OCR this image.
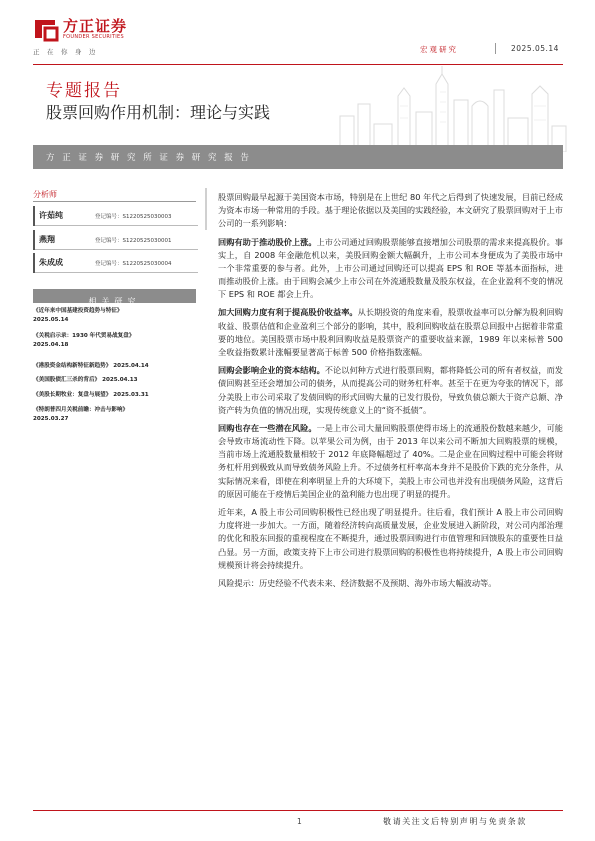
方正证券
FOUNDER SECURITIES
正在你身边	宏观研究	2025.05.14
专题报告
股票回购作用机制：理论与实践
方正证券研究所证券研究报告
分析师
许茹纯	登记编号：S1220525030003
燕翔	登记编号：S1220525030001
朱成成	登记编号：S1220525030004
相关研究
《近年来中国基建投资趋势与特征》
2025.05.14
《关税启示录：1930 年代贸易战复盘》
2025.04.18
《港股资金结构新特征新趋势》 2025.04.14
《美国股债汇三杀的背后》 2025.04.13
《美股长期牧业：复盘与展望》 2025.03.31
《特朗普四月关税前瞻：冲击与影响》
2025.03.27

股票回购最早起源于美国资本市场，特别是在上世纪 80 年代之后得到了快速发展，目前已经成为资本市场一种常用的手段。基于理论依据以及美国的实践经验，本文研究了股票回购对于上市公司的一系列影响：

回购有助于推动股价上涨。上市公司通过回购股票能够直接增加公司股票的需求来提高股价。事实上，自 2008 年金融危机以来，美股回购金额大幅飙升，上市公司本身便成为了美股市场中一个非常重要的参与者。此外，上市公司通过回购还可以提高 EPS 和 ROE 等基本面指标，进而推动股价上涨。由于回购会减少上市公司在外流通股数量及股东权益，在企业盈利不变的情况下 EPS 和 ROE 都会上升。

加大回购力度有利于提高股价收益率。从长期投资的角度来看，股票收益率可以分解为股利回购收益、股票估值和企业盈利三个部分的影响，其中，股利回购收益在股票总回报中占据着非常重要的地位。美国股票市场中股利回购收益是股票资产的重要收益来源，1989 年以来标普 500 全收益指数累计涨幅要显著高于标普 500 价格指数涨幅。

回购会影响企业的资本结构。不论以何种方式进行股票回购，都将降低公司的所有者权益，而发债回购甚至还会增加公司的债务，从而提高公司的财务杠杆率。甚至于在更为夸张的情况下，部分美股上市公司采取了发债回购的形式回购大量的已发行股份，导致负债总额大于资产总额、净资产转为负值的情况出现，实现传统意义上的“资不抵债”。

回购也存在一些潜在风险。一是上市公司大量回购股票使得市场上的流通股份数越来越少，可能会导致市场流动性下降。以苹果公司为例，由于 2013 年以来公司不断加大回购股票的规模，当前市场上流通股数量相较于 2012 年底降幅超过了 40%。二是企业在回购过程中可能会将财务杠杆用到极致从而导致债务风险上升。不过债务杠杆率高本身并不是股价下跌的充分条件，从实际情况来看，即使在利率明显上升的大环境下，美股上市公司也并没有出现债务风险，这背后的原因可能在于疫情后美国企业的盈利能力也出现了明显的提升。

近年来，A 股上市公司回购积极性已经出现了明显提升。往后看，我们预计 A 股上市公司回购力度将进一步加大。一方面，随着经济转向高质量发展，企业发展进入新阶段，对公司内部治理的优化和股东回报的重视程度在不断提升，通过股票回购进行市值管理和回馈股东的重要性日益凸显。另一方面，政策支持下上市公司进行股票回购的积极性也将持续提升，A 股上市公司回购规模预计将会持续提升。

风险提示：历史经验不代表未来、经济数据不及预期、海外市场大幅波动等。

1	敬请关注文后特别声明与免责条款
